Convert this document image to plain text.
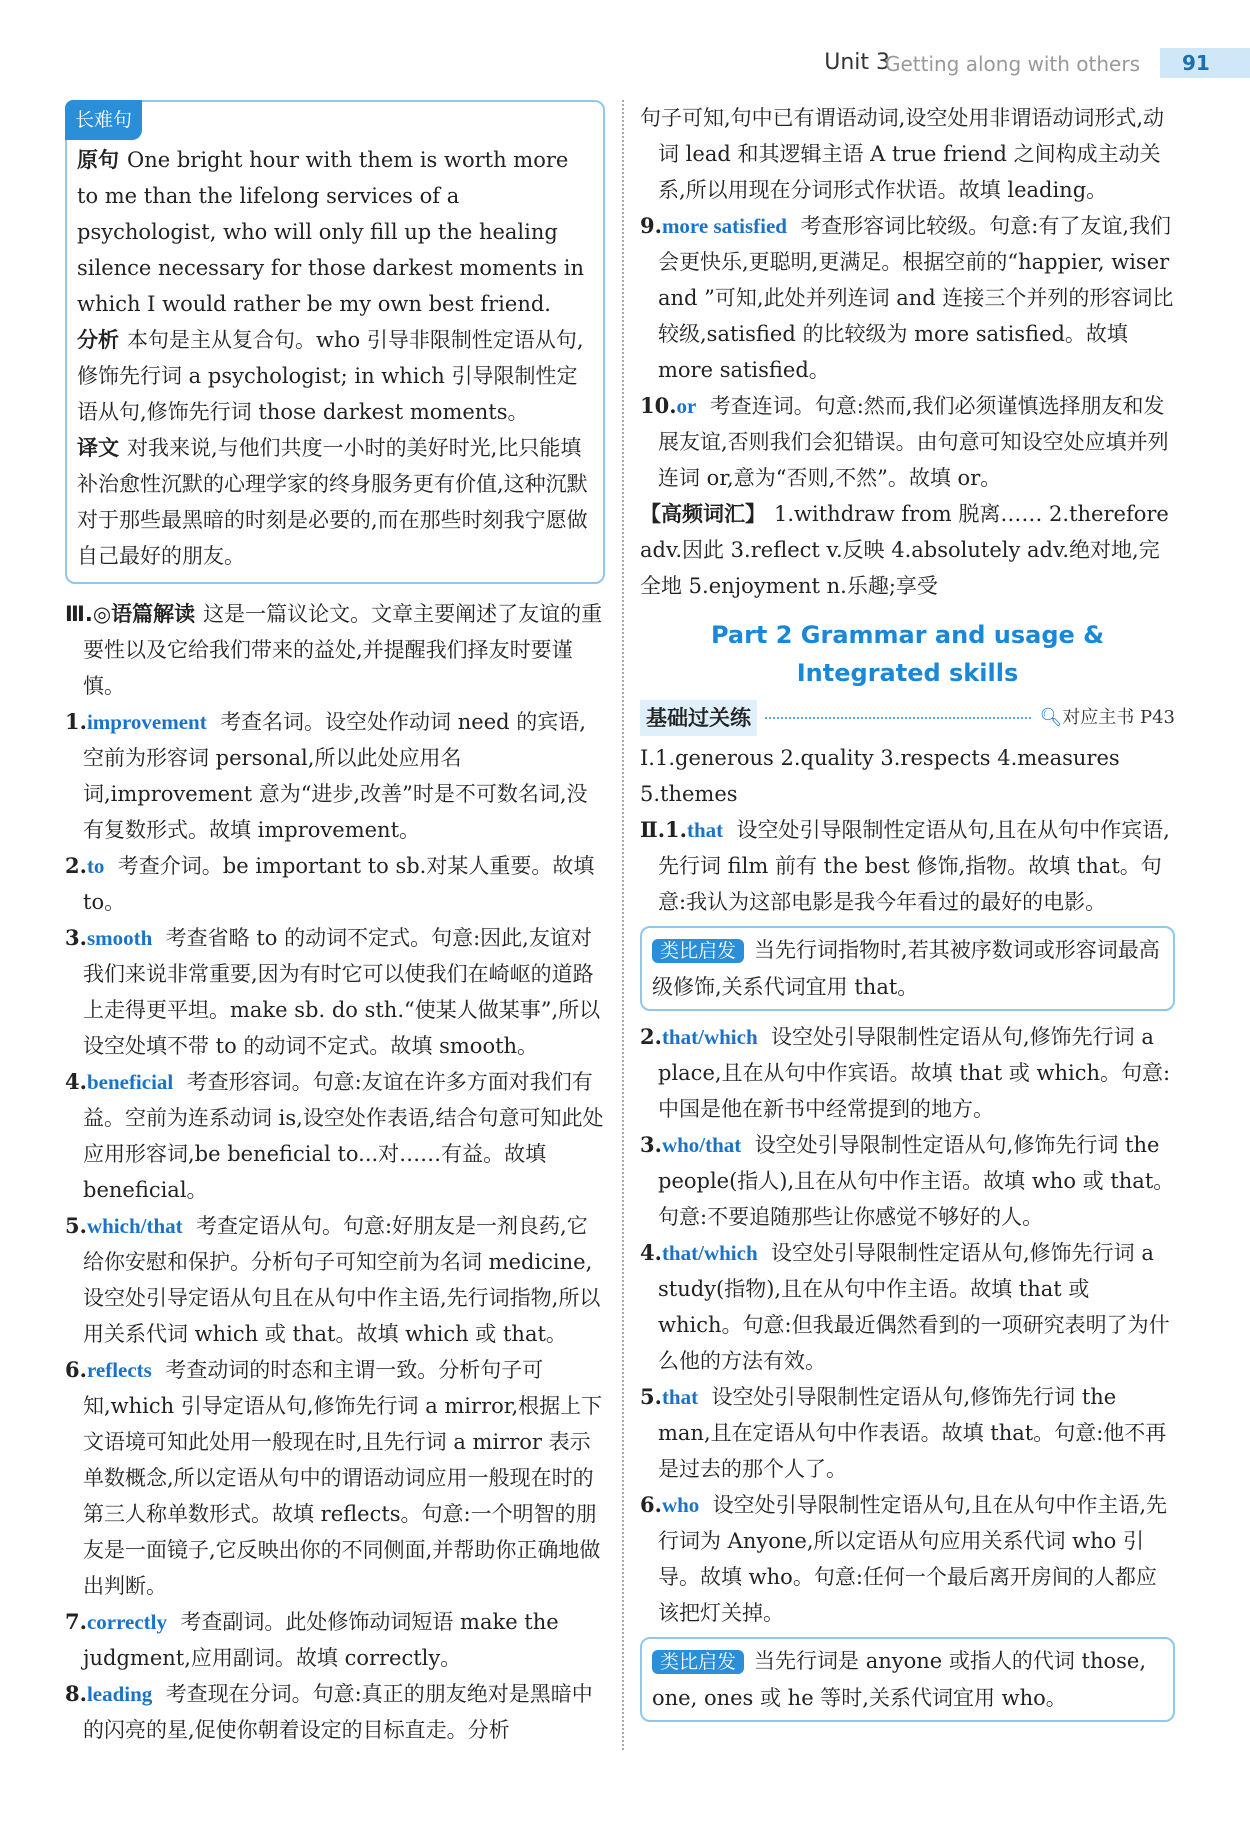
Unit 3
Getting along with others	91
长难句

原句 One bright hour with them is worth more to me than the lifelong services of a psychologist, who will only fill up the healing silence necessary for those darkest moments in which I would rather be my own best friend.

分析 本句是主从复合句。who 引导非限制性定语从句,修饰先行词 a psychologist; in which 引导限制性定语从句,修饰先行词 those darkest moments。

译文 对我来说,与他们共度一小时的美好时光,比只能填补治愈性沉默的心理学家的终身服务更有价值,这种沉默对于那些最黑暗的时刻是必要的,而在那些时刻我宁愿做自己最好的朋友。

Ⅲ.◎语篇解读 这是一篇议论文。文章主要阐述了友谊的重要性以及它给我们带来的益处,并提醒我们择友时要谨慎。

1.improvement 考查名词。设空处作动词 need 的宾语,空前为形容词 personal,所以此处应用名词,improvement 意为“进步,改善”时是不可数名词,没有复数形式。故填 improvement。

2.to 考查介词。be important to sb.对某人重要。故填to。

3.smooth 考查省略 to 的动词不定式。句意:因此,友谊对我们来说非常重要,因为有时它可以使我们在崎岖的道路上走得更平坦。make sb. do sth.“使某人做某事”,所以设空处填不带 to 的动词不定式。故填 smooth。

4.beneficial 考查形容词。句意:友谊在许多方面对我们有益。空前为连系动词 is,设空处作表语,结合句意可知此处应用形容词,be beneficial to...对……有益。故填 beneficial。

5.which/that 考查定语从句。句意:好朋友是一剂良药,它给你安慰和保护。分析句子可知空前为名词 medicine,设空处引导定语从句且在从句中作主语,先行词指物,所以用关系代词 which 或 that。故填 which 或 that。

6.reflects 考查动词的时态和主谓一致。分析句子可知,which 引导定语从句,修饰先行词 a mirror,根据上下文语境可知此处用一般现在时,且先行词 a mirror 表示单数概念,所以定语从句中的谓语动词应用一般现在时的第三人称单数形式。故填 reflects。句意:一个明智的朋友是一面镜子,它反映出你的不同侧面,并帮助你正确地做出判断。

7.correctly 考查副词。此处修饰动词短语 make the judgment,应用副词。故填 correctly。

8.leading 考查现在分词。句意:真正的朋友绝对是黑暗中的闪亮的星,促使你朝着设定的目标直走。分析

句子可知,句中已有谓语动词,设空处用非谓语动词形式,动词 lead 和其逻辑主语 A true friend 之间构成主动关系,所以用现在分词形式作状语。故填 leading。

9.more satisfied 考查形容词比较级。句意:有了友谊,我们会更快乐,更聪明,更满足。根据空前的“happier, wiser and ”可知,此处并列连词 and 连接三个并列的形容词比较级,satisfied 的比较级为 more satisfied。故填 more satisfied。

10.or 考查连词。句意:然而,我们必须谨慎选择朋友和发展友谊,否则我们会犯错误。由句意可知设空处应填并列连词 or,意为“否则,不然”。故填 or。

【高频词汇】 1.withdraw from 脱离…… 2.therefore adv.因此 3.reflect v.反映 4.absolutely adv.绝对地,完全地 5.enjoyment n.乐趣;享受

Part 2 Grammar and usage &
Integrated skills
基础过关练	🔍︎对应主书 P43

Ⅰ.1.generous 2.quality 3.respects 4.measures 5.themes

Ⅱ.1.that 设空处引导限制性定语从句,且在从句中作宾语,先行词 film 前有 the best 修饰,指物。故填 that。句意:我认为这部电影是我今年看过的最好的电影。

类比启发 当先行词指物时,若其被序数词或形容词最高级修饰,关系代词宜用 that。

2.that/which 设空处引导限制性定语从句,修饰先行词 a place,且在从句中作宾语。故填 that 或 which。句意:中国是他在新书中经常提到的地方。

3.who/that 设空处引导限制性定语从句,修饰先行词 the people(指人),且在从句中作主语。故填 who 或 that。句意:不要追随那些让你感觉不够好的人。

4.that/which 设空处引导限制性定语从句,修饰先行词 a study(指物),且在从句中作主语。故填 that 或 which。句意:但我最近偶然看到的一项研究表明了为什么他的方法有效。

5.that 设空处引导限制性定语从句,修饰先行词 the man,且在定语从句中作表语。故填 that。句意:他不再是过去的那个人了。

6.who 设空处引导限制性定语从句,且在从句中作主语,先行词为 Anyone,所以定语从句应用关系代词 who 引导。故填 who。句意:任何一个最后离开房间的人都应该把灯关掉。

类比启发 当先行词是 anyone 或指人的代词 those, one, ones 或 he 等时,关系代词宜用 who。
